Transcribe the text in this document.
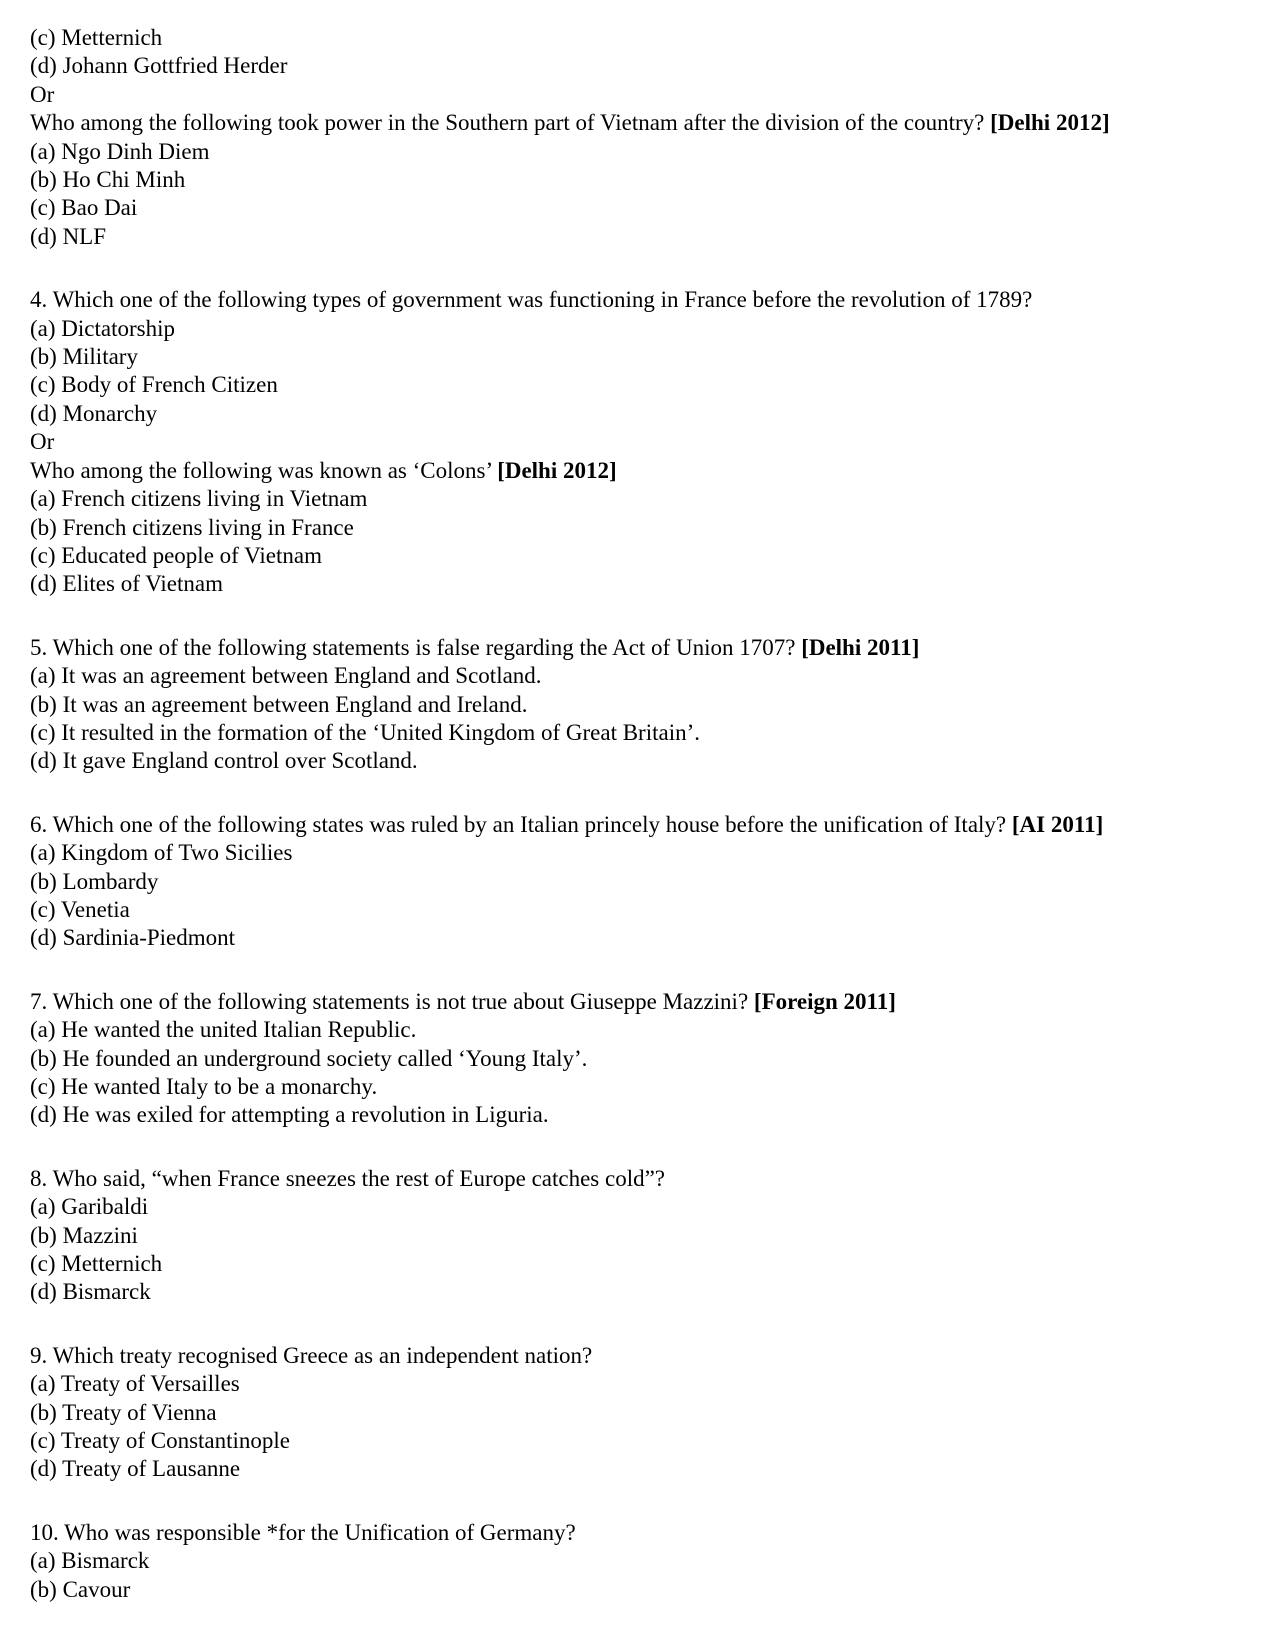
(c) Metternich
(d) Johann Gottfried Herder
Or
Who among the following took power in the Southern part of Vietnam after the division of the country? [Delhi 2012]
(a) Ngo Dinh Diem
(b) Ho Chi Minh
(c) Bao Dai
(d) NLF
4. Which one of the following types of government was functioning in France before the revolution of 1789?
(a) Dictatorship
(b) Military
(c) Body of French Citizen
(d) Monarchy
Or
Who among the following was known as ‘Colons’ [Delhi 2012]
(a) French citizens living in Vietnam
(b) French citizens living in France
(c) Educated people of Vietnam
(d) Elites of Vietnam
5. Which one of the following statements is false regarding the Act of Union 1707? [Delhi 2011]
(a) It was an agreement between England and Scotland.
(b) It was an agreement between England and Ireland.
(c) It resulted in the formation of the ‘United Kingdom of Great Britain’.
(d) It gave England control over Scotland.
6. Which one of the following states was ruled by an Italian princely house before the unification of Italy? [AI 2011]
(a) Kingdom of Two Sicilies
(b) Lombardy
(c) Venetia
(d) Sardinia-Piedmont
7. Which one of the following statements is not true about Giuseppe Mazzini? [Foreign 2011]
(a) He wanted the united Italian Republic.
(b) He founded an underground society called ‘Young Italy’.
(c) He wanted Italy to be a monarchy.
(d) He was exiled for attempting a revolution in Liguria.
8. Who said, “when France sneezes the rest of Europe catches cold”?
(a) Garibaldi
(b) Mazzini
(c) Metternich
(d) Bismarck
9. Which treaty recognised Greece as an independent nation?
(a) Treaty of Versailles
(b) Treaty of Vienna
(c) Treaty of Constantinople
(d) Treaty of Lausanne
10. Who was responsible *for the Unification of Germany?
(a) Bismarck
(b) Cavour
